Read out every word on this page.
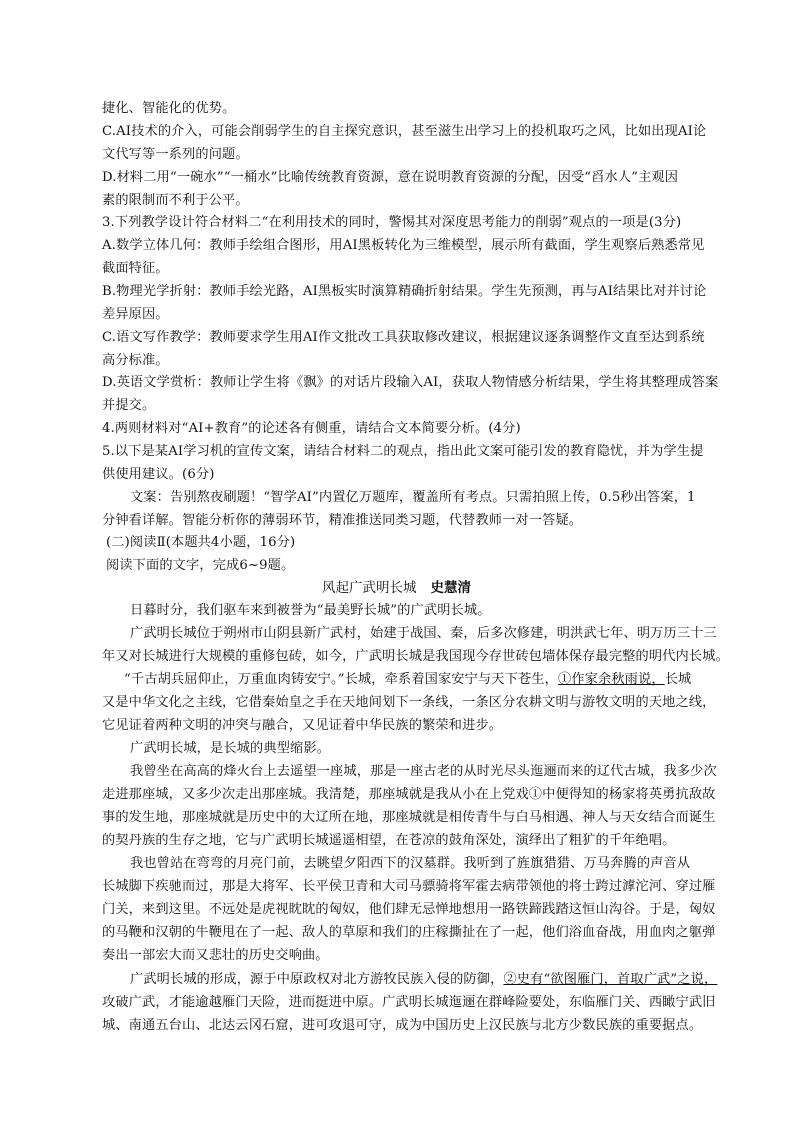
捷化、智能化的优势。
C.AI技术的介入，可能会削弱学生的自主探究意识，甚至滋生出学习上的投机取巧之风，比如出现AI论
文代写等一系列的问题。
D.材料二用“一碗水”“一桶水”比喻传统教育资源，意在说明教育资源的分配，因受“舀水人”主观因
素的限制而不利于公平。
3.下列教学设计符合材料二“在利用技术的同时，警惕其对深度思考能力的削弱”观点的一项是(3分)
A.数学立体几何：教师手绘组合图形，用AI黑板转化为三维模型，展示所有截面，学生观察后熟悉常见
截面特征。
B.物理光学折射：教师手绘光路，AI黑板实时演算精确折射结果。学生先预测，再与AI结果比对并讨论
差异原因。
C.语文写作教学：教师要求学生用AI作文批改工具获取修改建议，根据建议逐条调整作文直至达到系统
高分标准。
D.英语文学赏析：教师让学生将《飘》的对话片段输入AI，获取人物情感分析结果，学生将其整理成答案
并提交。
4.两则材料对“AI+教育”的论述各有侧重，请结合文本简要分析。(4分)
5.以下是某AI学习机的宣传文案，请结合材料二的观点，指出此文案可能引发的教育隐忧，并为学生提
供使用建议。(6分)
文案：告别熬夜刷题！“智学AI”内置亿万题库，覆盖所有考点。只需拍照上传，0.5秒出答案，1
分钟看详解。智能分析你的薄弱环节，精准推送同类习题，代替教师一对一答疑。
(二)阅读Ⅱ(本题共4小题，16分)
阅读下面的文字，完成6~9题。
风起广武明长城 史慧清
日暮时分，我们驱车来到被誉为“最美野长城”的广武明长城。
广武明长城位于朔州市山阴县新广武村，始建于战国、秦，后多次修建，明洪武七年、明万历三十三
年又对长城进行大规模的重修包砖，如今，广武明长城是我国现今存世砖包墙体保存最完整的明代内长城。
“千古胡兵屈仰止，万重血肉铸安宁。”长城，牵系着国家安宁与天下苍生，①作家余秋雨说，长城
又是中华文化之主线，它借秦始皇之手在天地间划下一条线，一条区分农耕文明与游牧文明的天地之线，
它见证着两种文明的冲突与融合，又见证着中华民族的繁荣和进步。
广武明长城，是长城的典型缩影。
我曾坐在高高的烽火台上去遥望一座城，那是一座古老的从时光尽头迤逦而来的辽代古城，我多少次
走进那座城，又多少次走出那座城。我清楚，那座城就是我从小在上党戏①中便得知的杨家将英勇抗敌故
事的发生地，那座城就是历史中的大辽所在地，那座城就是相传青牛与白马相遇、神人与天女结合而诞生
的契丹族的生存之地，它与广武明长城遥遥相望，在苍凉的鼓角深处，演绎出了粗犷的千年绝唱。
我也曾站在弯弯的月亮门前，去眺望夕阳西下的汉墓群。我听到了旌旗猎猎、万马奔腾的声音从
长城脚下疾驰而过，那是大将军、长平侯卫青和大司马骠骑将军霍去病带领他的将士跨过滹沱河、穿过雁
门关，来到这里。不远处是虎视眈眈的匈奴，他们肆无忌惮地想用一路铁蹄践踏这恒山沟谷。于是，匈奴
的马鞭和汉朝的牛鞭甩在了一起、敌人的草原和我们的庄稼撕扯在了一起，他们浴血奋战，用血肉之躯弹
奏出一部宏大而又悲壮的历史交响曲。
广武明长城的形成，源于中原政权对北方游牧民族入侵的防御，②史有“欲图雁门，首取广武”之说，
攻破广武，才能逾越雁门天险，进而挺进中原。广武明长城迤逦在群峰险要处，东临雁门关、西瞰宁武旧
城、南通五台山、北达云冈石窟，进可攻退可守，成为中国历史上汉民族与北方少数民族的重要据点。
